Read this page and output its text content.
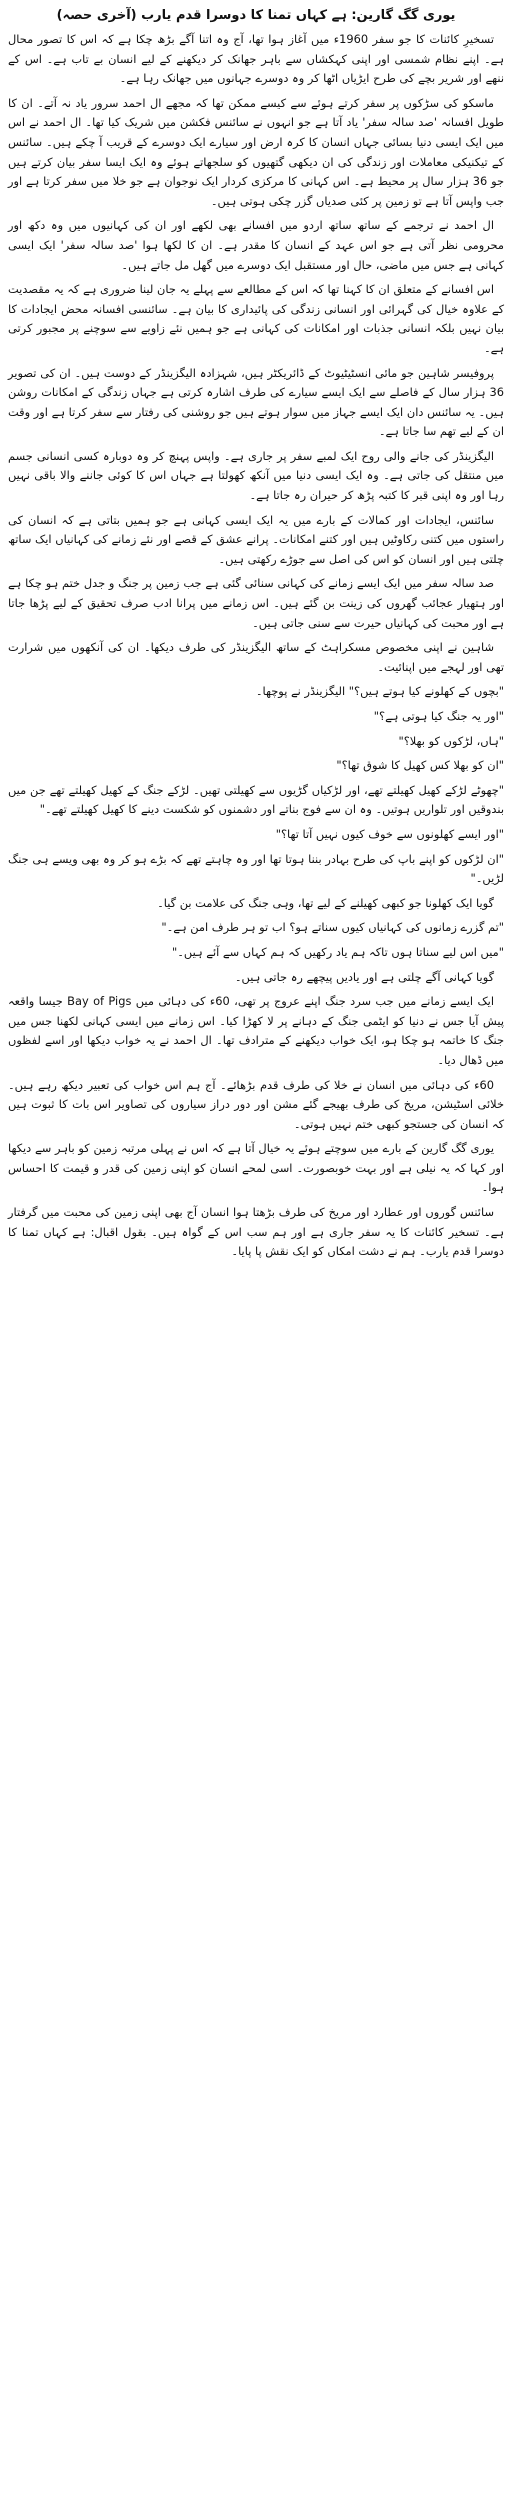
یوری گگ گارین: ہے کہاں تمنا کا دوسرا قدم یارب (آخری حصہ)

تسخیرِ کائنات کا جو سفر 1960ء میں آغاز ہوا تھا، آج وہ اتنا آگے بڑھ چکا ہے کہ اس کا تصور محال ہے۔ اپنے نظام شمسی اور اپنی کہکشاں سے باہر جھانک کر دیکھنے کے لیے انسان بے تاب ہے۔ اس کے ننھے اور شریر بچے کی طرح ایڑیاں اٹھا کر وہ دوسرے جہانوں میں جھانک رہا ہے۔

ماسکو کی سڑکوں پر سفر کرتے ہوئے سے کیسے ممکن تھا کہ مجھے ال احمد سرور یاد نہ آتے۔ ان کا طویل افسانہ 'صد سالہ سفر' یاد آتا ہے جو انہوں نے سائنس فکشن میں شریک کیا تھا۔ ال احمد نے اس میں ایک ایسی دنیا بسائی جہاں انسان کا کرہ ارض اور سیارے ایک دوسرے کے قریب آ چکے ہیں۔ سائنس کے تیکنیکی معاملات اور زندگی کی ان دیکھی گتھیوں کو سلجھاتے ہوئے وہ ایک ایسا سفر بیان کرتے ہیں جو 36 ہزار سال پر محیط ہے۔ اس کہانی کا مرکزی کردار ایک نوجوان ہے جو خلا میں سفر کرتا ہے اور جب واپس آتا ہے تو زمین پر کئی صدیاں گزر چکی ہوتی ہیں۔

ال احمد نے ترجمے کے ساتھ ساتھ اردو میں افسانے بھی لکھے اور ان کی کہانیوں میں وہ دکھ اور محرومی نظر آتی ہے جو اس عہد کے انسان کا مقدر ہے۔ ان کا لکھا ہوا 'صد سالہ سفر' ایک ایسی کہانی ہے جس میں ماضی، حال اور مستقبل ایک دوسرے میں گھل مل جاتے ہیں۔

اس افسانے کے متعلق ان کا کہنا تھا کہ اس کے مطالعے سے پہلے یہ جان لینا ضروری ہے کہ یہ مقصدیت کے علاوہ خیال کی گہرائی اور انسانی زندگی کی پائیداری کا بیان ہے۔ سائنسی افسانہ محض ایجادات کا بیان نہیں بلکہ انسانی جذبات اور امکانات کی کہانی ہے جو ہمیں نئے زاویے سے سوچنے پر مجبور کرتی ہے۔

پروفیسر شاہین جو مائی انسٹیٹیوٹ کے ڈائریکٹر ہیں، شہزادہ الیگزینڈر کے دوست ہیں۔ ان کی تصویر 36 ہزار سال کے فاصلے سے ایک ایسے سیارے کی طرف اشارہ کرتی ہے جہاں زندگی کے امکانات روشن ہیں۔ یہ سائنس دان ایک ایسے جہاز میں سوار ہوتے ہیں جو روشنی کی رفتار سے سفر کرتا ہے اور وقت ان کے لیے تھم سا جاتا ہے۔

الیگزینڈر کی جانے والی روح ایک لمبے سفر پر جاری ہے۔ واپس پہنچ کر وہ دوبارہ کسی انسانی جسم میں منتقل کی جاتی ہے۔ وہ ایک ایسی دنیا میں آنکھ کھولتا ہے جہاں اس کا کوئی جاننے والا باقی نہیں رہا اور وہ اپنی قبر کا کتبہ پڑھ کر حیران رہ جاتا ہے۔

سائنس، ایجادات اور کمالات کے بارے میں یہ ایک ایسی کہانی ہے جو ہمیں بتاتی ہے کہ انسان کی راستوں میں کتنی رکاوٹیں ہیں اور کتنے امکانات۔ پرانے عشق کے قصے اور نئے زمانے کی کہانیاں ایک ساتھ چلتی ہیں اور انسان کو اس کی اصل سے جوڑے رکھتی ہیں۔

صد سالہ سفر میں ایک ایسے زمانے کی کہانی سنائی گئی ہے جب زمین پر جنگ و جدل ختم ہو چکا ہے اور ہتھیار عجائب گھروں کی زینت بن گئے ہیں۔ اس زمانے میں پرانا ادب صرف تحقیق کے لیے پڑھا جاتا ہے اور محبت کی کہانیاں حیرت سے سنی جاتی ہیں۔

شاہین نے اپنی مخصوص مسکراہٹ کے ساتھ الیگزینڈر کی طرف دیکھا۔ ان کی آنکھوں میں شرارت تھی اور لہجے میں اپنائیت۔

"بچوں کے کھلونے کیا ہوتے ہیں؟" الیگزینڈر نے پوچھا۔

"اور یہ جنگ کیا ہوتی ہے؟"

"ہاں، لڑکوں کو بھلا؟"

"ان کو بھلا کس کھیل کا شوق تھا؟"

"چھوٹے لڑکے کھیل کھیلتے تھے، اور لڑکیاں گڑیوں سے کھیلتی تھیں۔ لڑکے جنگ کے کھیل کھیلتے تھے جن میں بندوقیں اور تلواریں ہوتیں۔ وہ ان سے فوج بناتے اور دشمنوں کو شکست دینے کا کھیل کھیلتے تھے۔"

"اور ایسے کھلونوں سے خوف کیوں نہیں آتا تھا؟"

"ان لڑکوں کو اپنے باپ کی طرح بہادر بننا ہوتا تھا اور وہ چاہتے تھے کہ بڑے ہو کر وہ بھی ویسے ہی جنگ لڑیں۔"

گویا ایک کھلونا جو کبھی کھیلنے کے لیے تھا، وہی جنگ کی علامت بن گیا۔

"تم گزرے زمانوں کی کہانیاں کیوں سناتے ہو؟ اب تو ہر طرف امن ہے۔"

"میں اس لیے سناتا ہوں تاکہ ہم یاد رکھیں کہ ہم کہاں سے آئے ہیں۔"

گویا کہانی آگے چلتی ہے اور یادیں پیچھے رہ جاتی ہیں۔

ایک ایسے زمانے میں جب سرد جنگ اپنے عروج پر تھی، 60ء کی دہائی میں Bay of Pigs جیسا واقعہ پیش آیا جس نے دنیا کو ایٹمی جنگ کے دہانے پر لا کھڑا کیا۔ اس زمانے میں ایسی کہانی لکھنا جس میں جنگ کا خاتمہ ہو چکا ہو، ایک خواب دیکھنے کے مترادف تھا۔ ال احمد نے یہ خواب دیکھا اور اسے لفظوں میں ڈھال دیا۔

60ء کی دہائی میں انسان نے خلا کی طرف قدم بڑھائے۔ آج ہم اس خواب کی تعبیر دیکھ رہے ہیں۔ خلائی اسٹیشن، مریخ کی طرف بھیجے گئے مشن اور دور دراز سیاروں کی تصاویر اس بات کا ثبوت ہیں کہ انسان کی جستجو کبھی ختم نہیں ہوتی۔

یوری گگ گارین کے بارے میں سوچتے ہوئے یہ خیال آتا ہے کہ اس نے پہلی مرتبہ زمین کو باہر سے دیکھا اور کہا کہ یہ نیلی ہے اور بہت خوبصورت۔ اسی لمحے انسان کو اپنی زمین کی قدر و قیمت کا احساس ہوا۔

سائنس گوروں اور عطارد اور مریخ کی طرف بڑھتا ہوا انسان آج بھی اپنی زمین کی محبت میں گرفتار ہے۔ تسخیر کائنات کا یہ سفر جاری ہے اور ہم سب اس کے گواہ ہیں۔ بقول اقبال: ہے کہاں تمنا کا دوسرا قدم یارب۔ ہم نے دشت امکاں کو ایک نقش پا پایا۔
